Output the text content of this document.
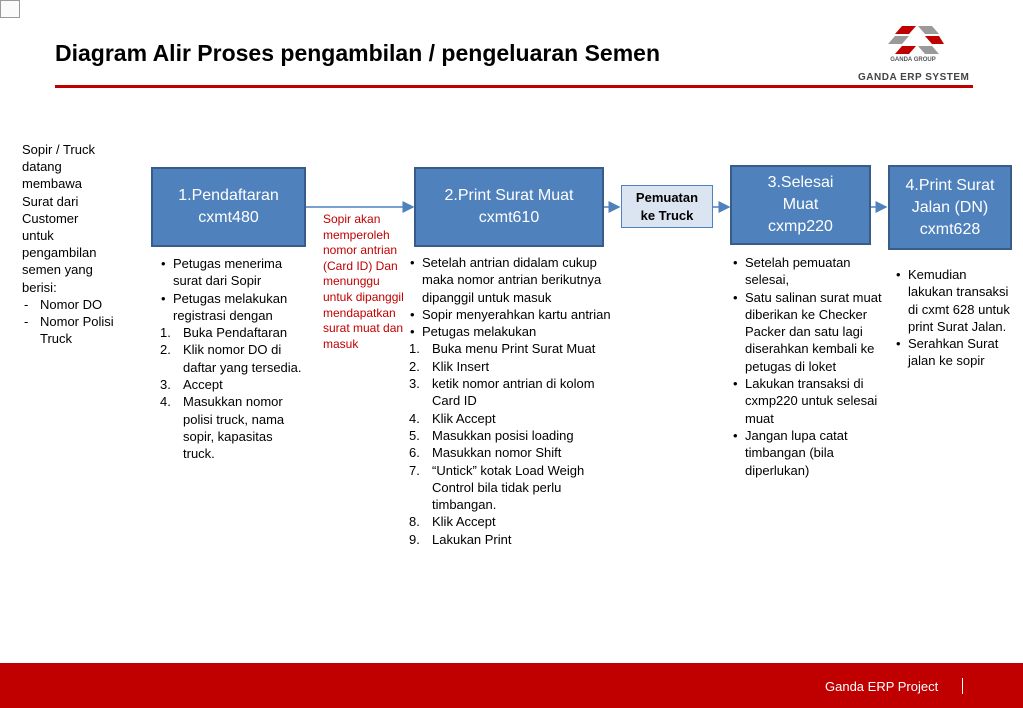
Diagram Alir Proses pengambilan / pengeluaran Semen	GANDA GROUP
GANDA ERP SYSTEM
Sopir / Truck
datang
membawa
Surat dari
Customer
untuk
pengambilan
semen yang
berisi:
- Nomor DO
- Nomor Polisi Truck
1.Pendaftaran
cxmt480
2.Print Surat Muat
cxmt610
3.Selesai
Muat
cxmp220
4.Print Surat
Jalan (DN)
cxmt628
Pemuatan
ke Truck
Sopir akan memperoleh nomor antrian (Card ID) Dan menunggu untuk dipanggil mendapatkan surat muat dan masuk
• Petugas menerima surat dari Sopir
• Petugas melakukan registrasi dengan
1. Buka Pendaftaran
2. Klik nomor DO di daftar yang tersedia.
3. Accept
4. Masukkan nomor polisi truck, nama sopir, kapasitas truck.
• Setelah antrian didalam cukup maka nomor antrian berikutnya dipanggil untuk masuk
• Sopir menyerahkan kartu antrian
• Petugas melakukan
1. Buka menu Print Surat Muat
2. Klik Insert
3. ketik nomor antrian di kolom Card ID
4. Klik Accept
5. Masukkan posisi loading
6. Masukkan nomor Shift
7. “Untick” kotak Load Weigh Control bila tidak perlu timbangan.
8. Klik Accept
9. Lakukan Print
• Setelah pemuatan selesai,
• Satu salinan surat muat diberikan ke Checker Packer dan satu lagi diserahkan kembali ke petugas di loket
• Lakukan transaksi di cxmp220 untuk selesai muat
• Jangan lupa catat timbangan (bila diperlukan)
• Kemudian lakukan transaksi di cxmt 628 untuk print Surat Jalan.
• Serahkan Surat jalan ke sopir
Ganda ERP Project
